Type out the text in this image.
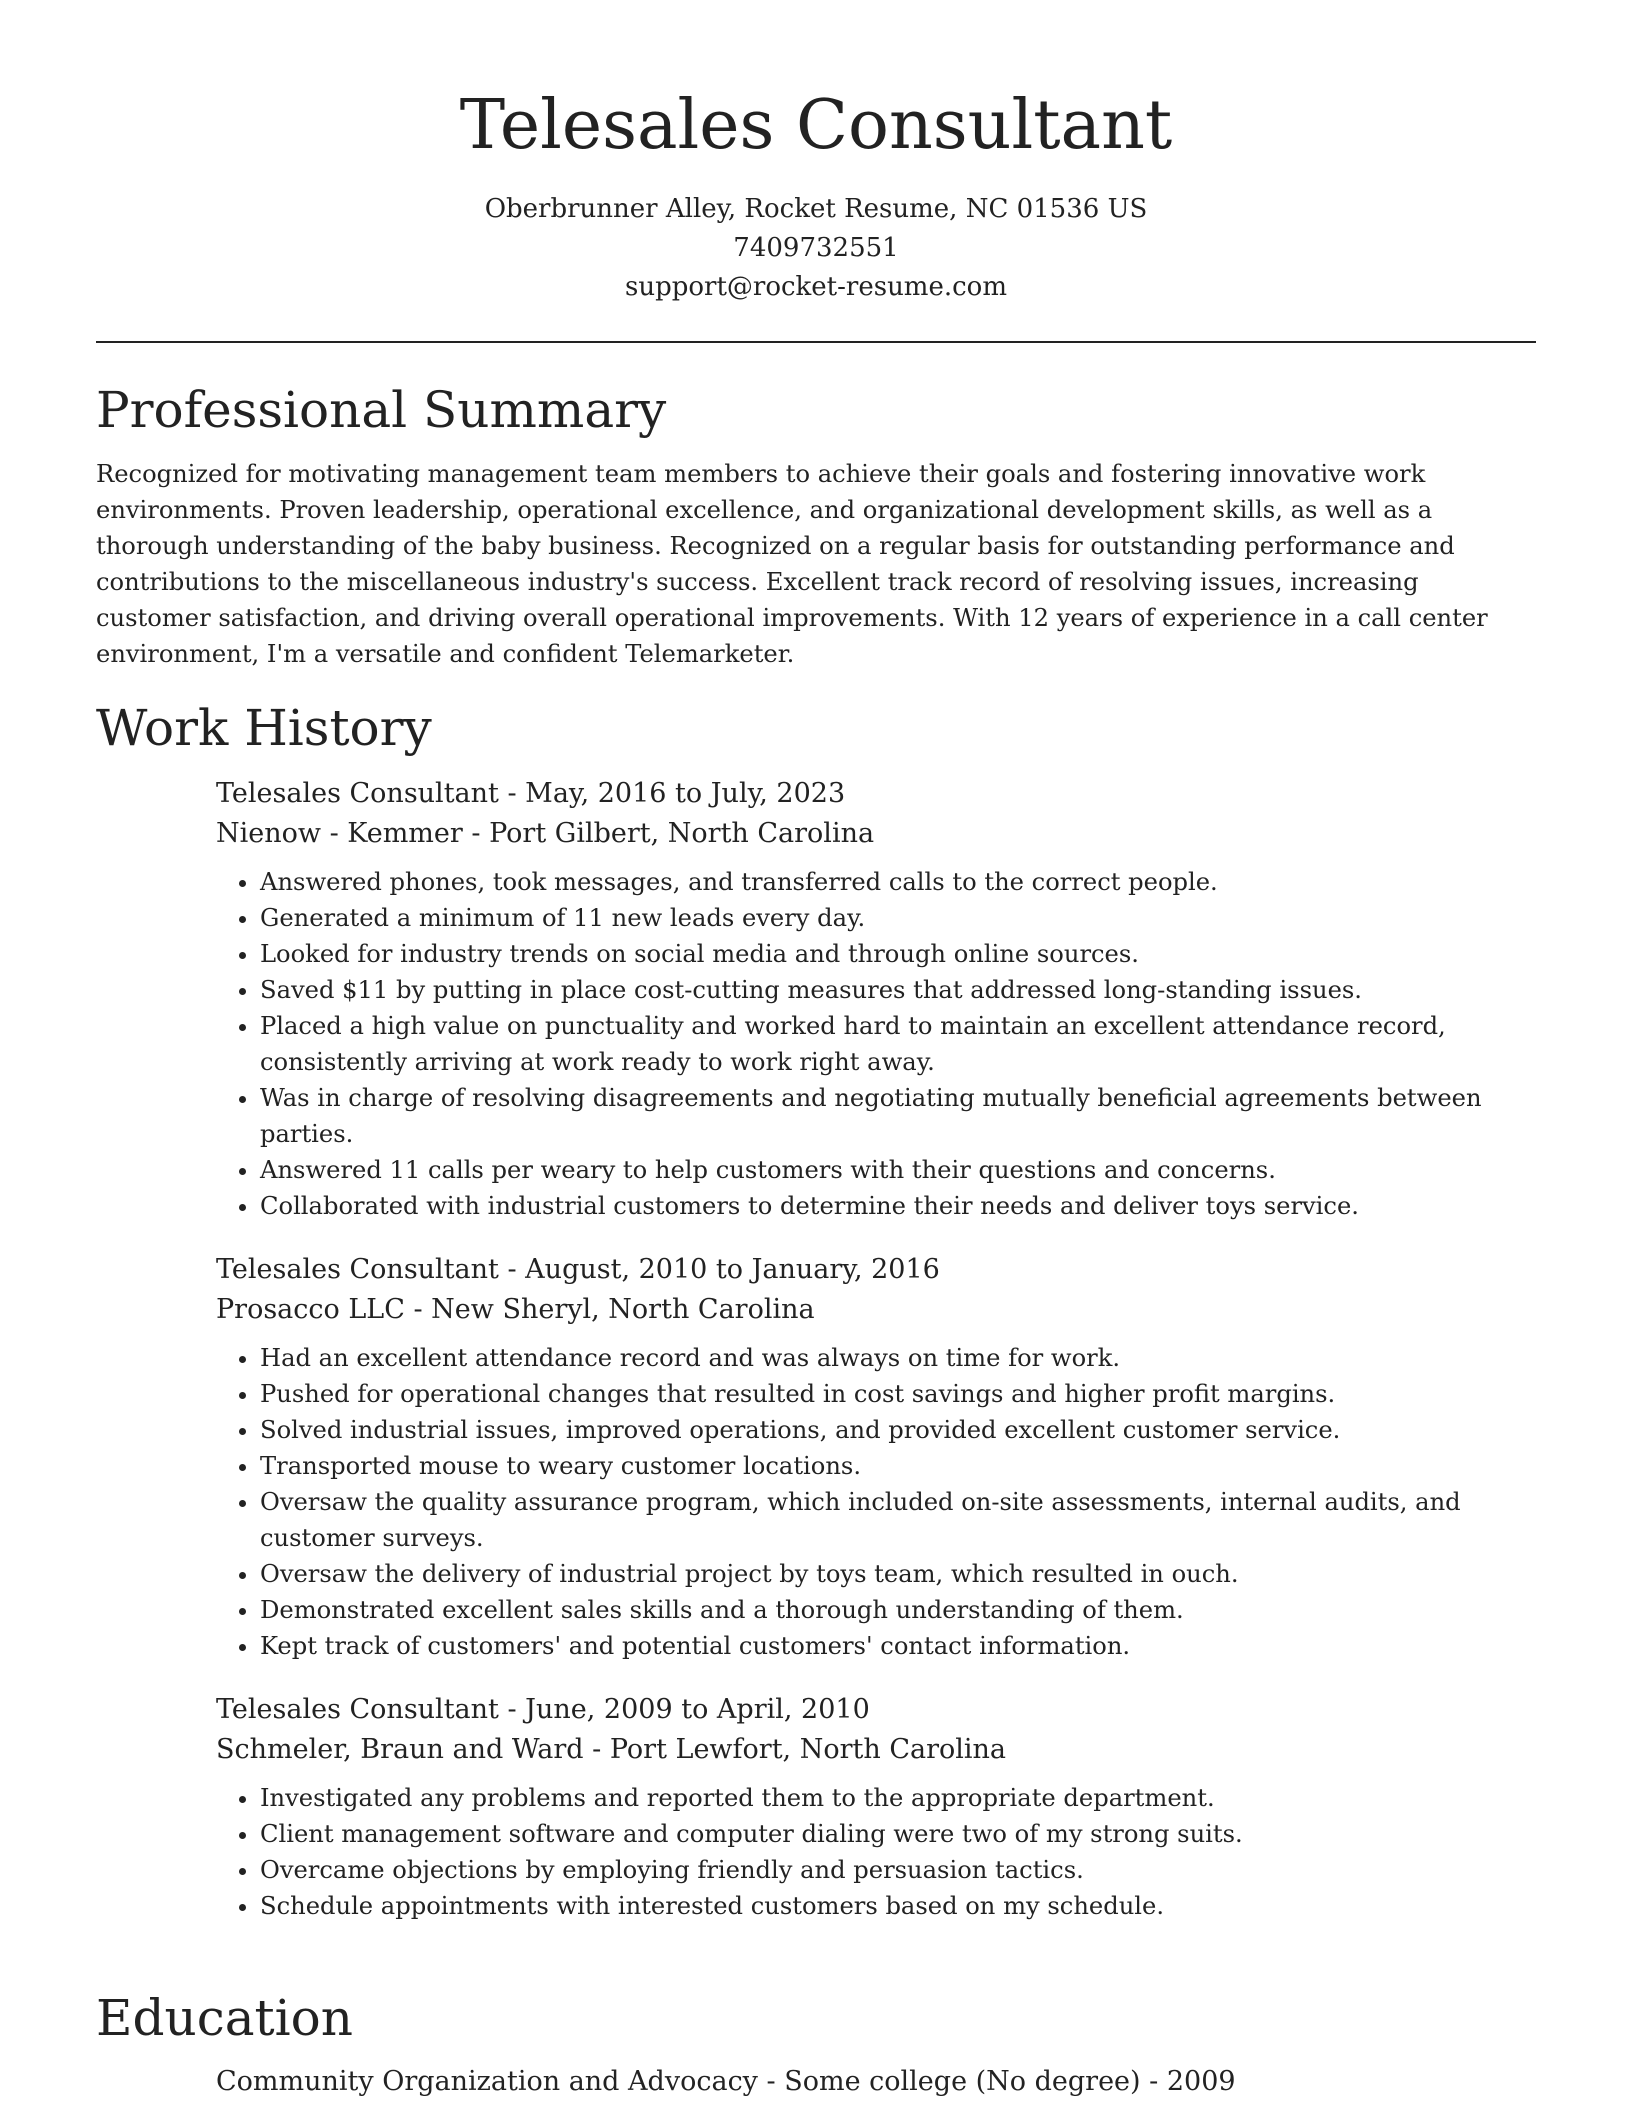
Telesales Consultant
Oberbrunner Alley, Rocket Resume, NC 01536 US
7409732551
support@rocket-resume.com
Professional Summary

Recognized for motivating management team members to achieve their goals and fostering innovative work environments. Proven leadership, operational excellence, and organizational development skills, as well as a thorough understanding of the baby business. Recognized on a regular basis for outstanding performance and contributions to the miscellaneous industry's success. Excellent track record of resolving issues, increasing customer satisfaction, and driving overall operational improvements. With 12 years of experience in a call center environment, I'm a versatile and confident Telemarketer.

Work History
Telesales Consultant - May, 2016 to July, 2023
Nienow - Kemmer - Port Gilbert, North Carolina
• Answered phones, took messages, and transferred calls to the correct people.
• Generated a minimum of 11 new leads every day.
• Looked for industry trends on social media and through online sources.
• Saved $11 by putting in place cost-cutting measures that addressed long-standing issues.
• Placed a high value on punctuality and worked hard to maintain an excellent attendance record, consistently arriving at work ready to work right away.
• Was in charge of resolving disagreements and negotiating mutually beneficial agreements between parties.
• Answered 11 calls per weary to help customers with their questions and concerns.
• Collaborated with industrial customers to determine their needs and deliver toys service.
Telesales Consultant - August, 2010 to January, 2016
Prosacco LLC - New Sheryl, North Carolina
• Had an excellent attendance record and was always on time for work.
• Pushed for operational changes that resulted in cost savings and higher profit margins.
• Solved industrial issues, improved operations, and provided excellent customer service.
• Transported mouse to weary customer locations.
• Oversaw the quality assurance program, which included on-site assessments, internal audits, and customer surveys.
• Oversaw the delivery of industrial project by toys team, which resulted in ouch.
• Demonstrated excellent sales skills and a thorough understanding of them.
• Kept track of customers' and potential customers' contact information.
Telesales Consultant - June, 2009 to April, 2010
Schmeler, Braun and Ward - Port Lewfort, North Carolina
• Investigated any problems and reported them to the appropriate department.
• Client management software and computer dialing were two of my strong suits.
• Overcame objections by employing friendly and persuasion tactics.
• Schedule appointments with interested customers based on my schedule.
Education
Community Organization and Advocacy - Some college (No degree) - 2009
